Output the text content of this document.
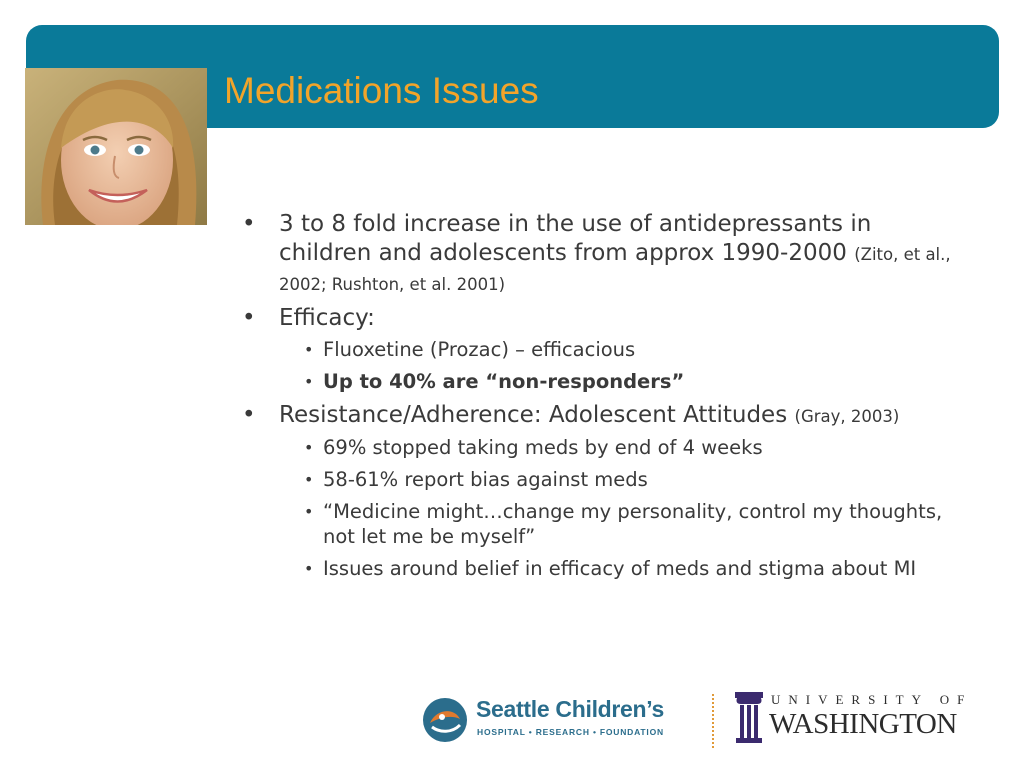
Medications Issues
• 3 to 8 fold increase in the use of antidepressants in children and adolescents from approx 1990-2000 (Zito, et al., 2002; Rushton, et al. 2001)
• Efficacy:
• Fluoxetine (Prozac) – efficacious
• Up to 40% are “non-responders”
• Resistance/Adherence: Adolescent Attitudes (Gray, 2003)
• 69% stopped taking meds by end of 4 weeks
• 58-61% report bias against meds
• “Medicine might…change my personality, control my thoughts, not let me be myself”
• Issues around belief in efficacy of meds and stigma about MI
Seattle Children’s
HOSPITAL • RESEARCH • FOUNDATION
UNIVERSITY OF
WASHINGTON
